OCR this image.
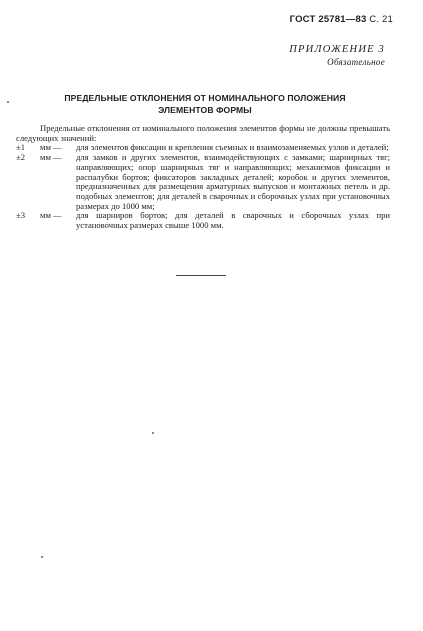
ГОСТ 25781—83 С. 21
ПРИЛОЖЕНИЕ 3
Обязательное
ПРЕДЕЛЬНЫЕ ОТКЛОНЕНИЯ ОТ НОМИНАЛЬНОГО ПОЛОЖЕНИЯ
ЭЛЕМЕНТОВ ФОРМЫ

Предельные отклонения от номинального положения элементов формы не должны превышать следующих значений:

±1	мм —	для элементов фиксации и крепления съемных и взаимозаменяемых узлов и деталей;
±2	мм —	для замков и других элементов, взаимодействующих с замками; шарнирных тяг; направляющих; опор шарнирных тяг и направляющих; механизмов фиксации и распалубки бортов; фиксаторов закладных деталей; коробок и других элементов, предназначенных для размещения арматурных выпусков и монтажных петель и др. подобных элементов; для деталей в сварочных и сборочных узлах при установочных размерах до 1000 мм;
±3	мм —	для шарниров бортов; для деталей в сварочных и сборочных узлах при установочных размерах свыше 1000 мм.
